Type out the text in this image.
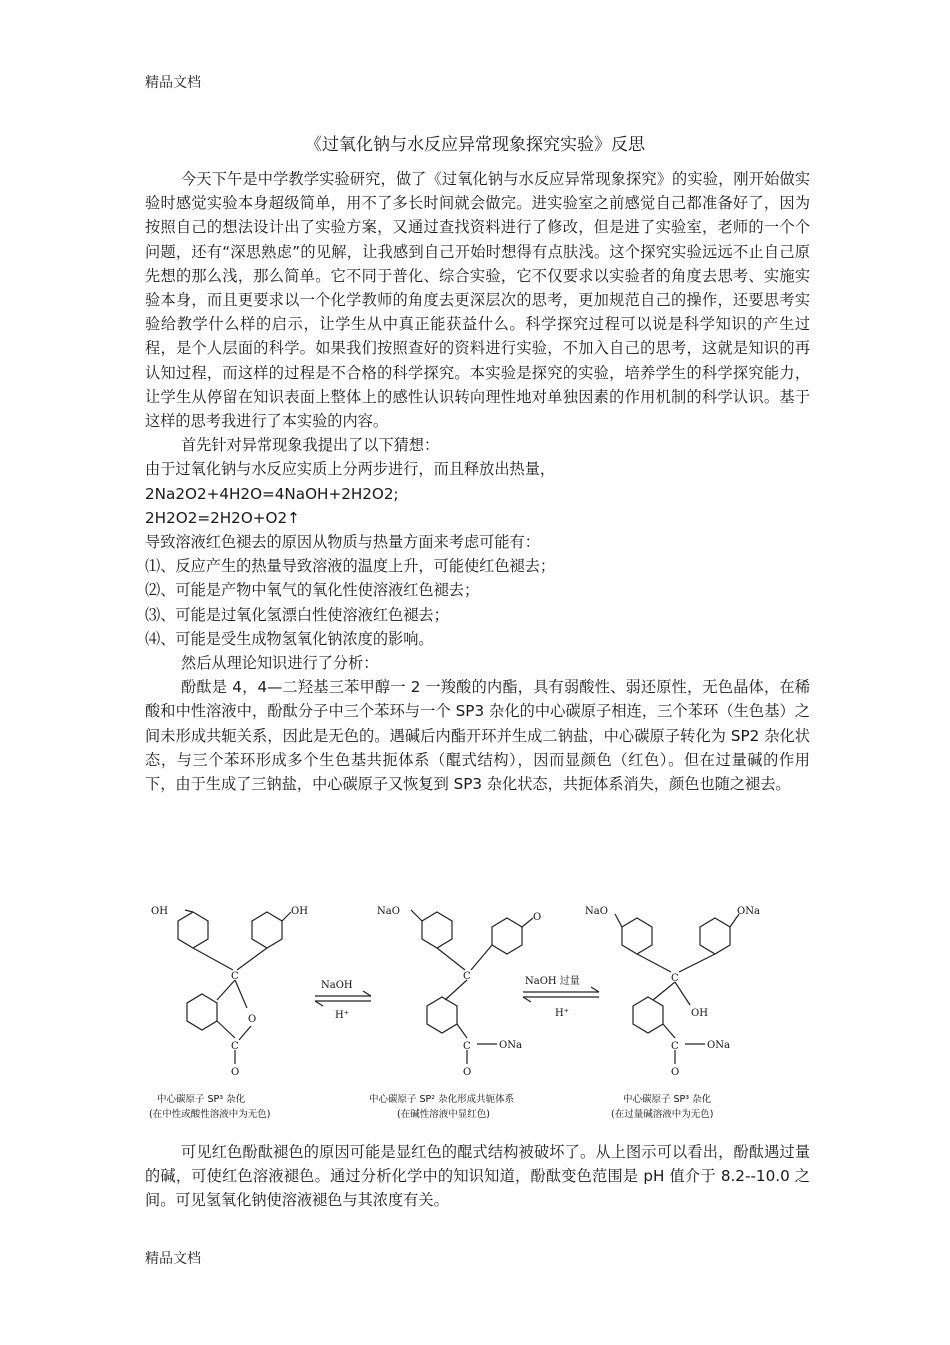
精品文档
《过氧化钠与水反应异常现象探究实验》反思

今天下午是中学教学实验研究，做了《过氧化钠与水反应异常现象探究》的实验，刚开始做实验时感觉实验本身超级简单，用不了多长时间就会做完。进实验室之前感觉自己都准备好了，因为按照自己的想法设计出了实验方案，又通过查找资料进行了修改，但是进了实验室，老师的一个个问题，还有“深思熟虑”的见解，让我感到自己开始时想得有点肤浅。这个探究实验远远不止自己原先想的那么浅，那么简单。它不同于普化、综合实验，它不仅要求以实验者的角度去思考、实施实验本身，而且更要求以一个化学教师的角度去更深层次的思考，更加规范自己的操作，还要思考实验给教学什么样的启示，让学生从中真正能获益什么。科学探究过程可以说是科学知识的产生过程，是个人层面的科学。如果我们按照查好的资料进行实验，不加入自己的思考，这就是知识的再认知过程，而这样的过程是不合格的科学探究。本实验是探究的实验，培养学生的科学探究能力，让学生从停留在知识表面上整体上的感性认识转向理性地对单独因素的作用机制的科学认识。基于这样的思考我进行了本实验的内容。

首先针对异常现象我提出了以下猜想：

由于过氧化钠与水反应实质上分两步进行，而且释放出热量，

2Na2O2+4H2O=4NaOH+2H2O2;

2H2O2=2H2O+O2↑

导致溶液红色褪去的原因从物质与热量方面来考虑可能有：

⑴、反应产生的热量导致溶液的温度上升，可能使红色褪去；

⑵、可能是产物中氧气的氧化性使溶液红色褪去；

⑶、可能是过氧化氢漂白性使溶液红色褪去；

⑷、可能是受生成物氢氧化钠浓度的影响。

然后从理论知识进行了分析：

酚酞是 4，4—二羟基三苯甲醇一 2 一羧酸的内酯，具有弱酸性、弱还原性，无色晶体，在稀酸和中性溶液中，酚酞分子中三个苯环与一个 SP3 杂化的中心碳原子相连，三个苯环（生色基）之间未形成共轭关系，因此是无色的。遇碱后内酯开环并生成二钠盐，中心碳原子转化为 SP2 杂化状态，与三个苯环形成多个生色基共扼体系（醌式结构），因而显颜色（红色）。但在过量碱的作用下，由于生成了三钠盐，中心碳原子又恢复到 SP3 杂化状态，共扼体系消失，颜色也随之褪去。

OH	OH
C
O
C
O
NaOH
H⁺
NaO
O
C
C	ONa
O
NaOH 过量
H⁺
NaO	ONa
C
OH
C	ONa
O
中心碳原子 SP³ 杂化
(在中性或酸性溶液中为无色)
中心碳原子 SP² 杂化形成共轭体系
(在碱性溶液中显红色)
中心碳原子 SP³ 杂化
(在过量碱溶液中为无色)

可见红色酚酞褪色的原因可能是显红色的醌式结构被破坏了。从上图示可以看出，酚酞遇过量的碱，可使红色溶液褪色。通过分析化学中的知识知道，酚酞变色范围是 pH 值介于 8.2--10.0 之间。可见氢氧化钠使溶液褪色与其浓度有关。

精品文档
